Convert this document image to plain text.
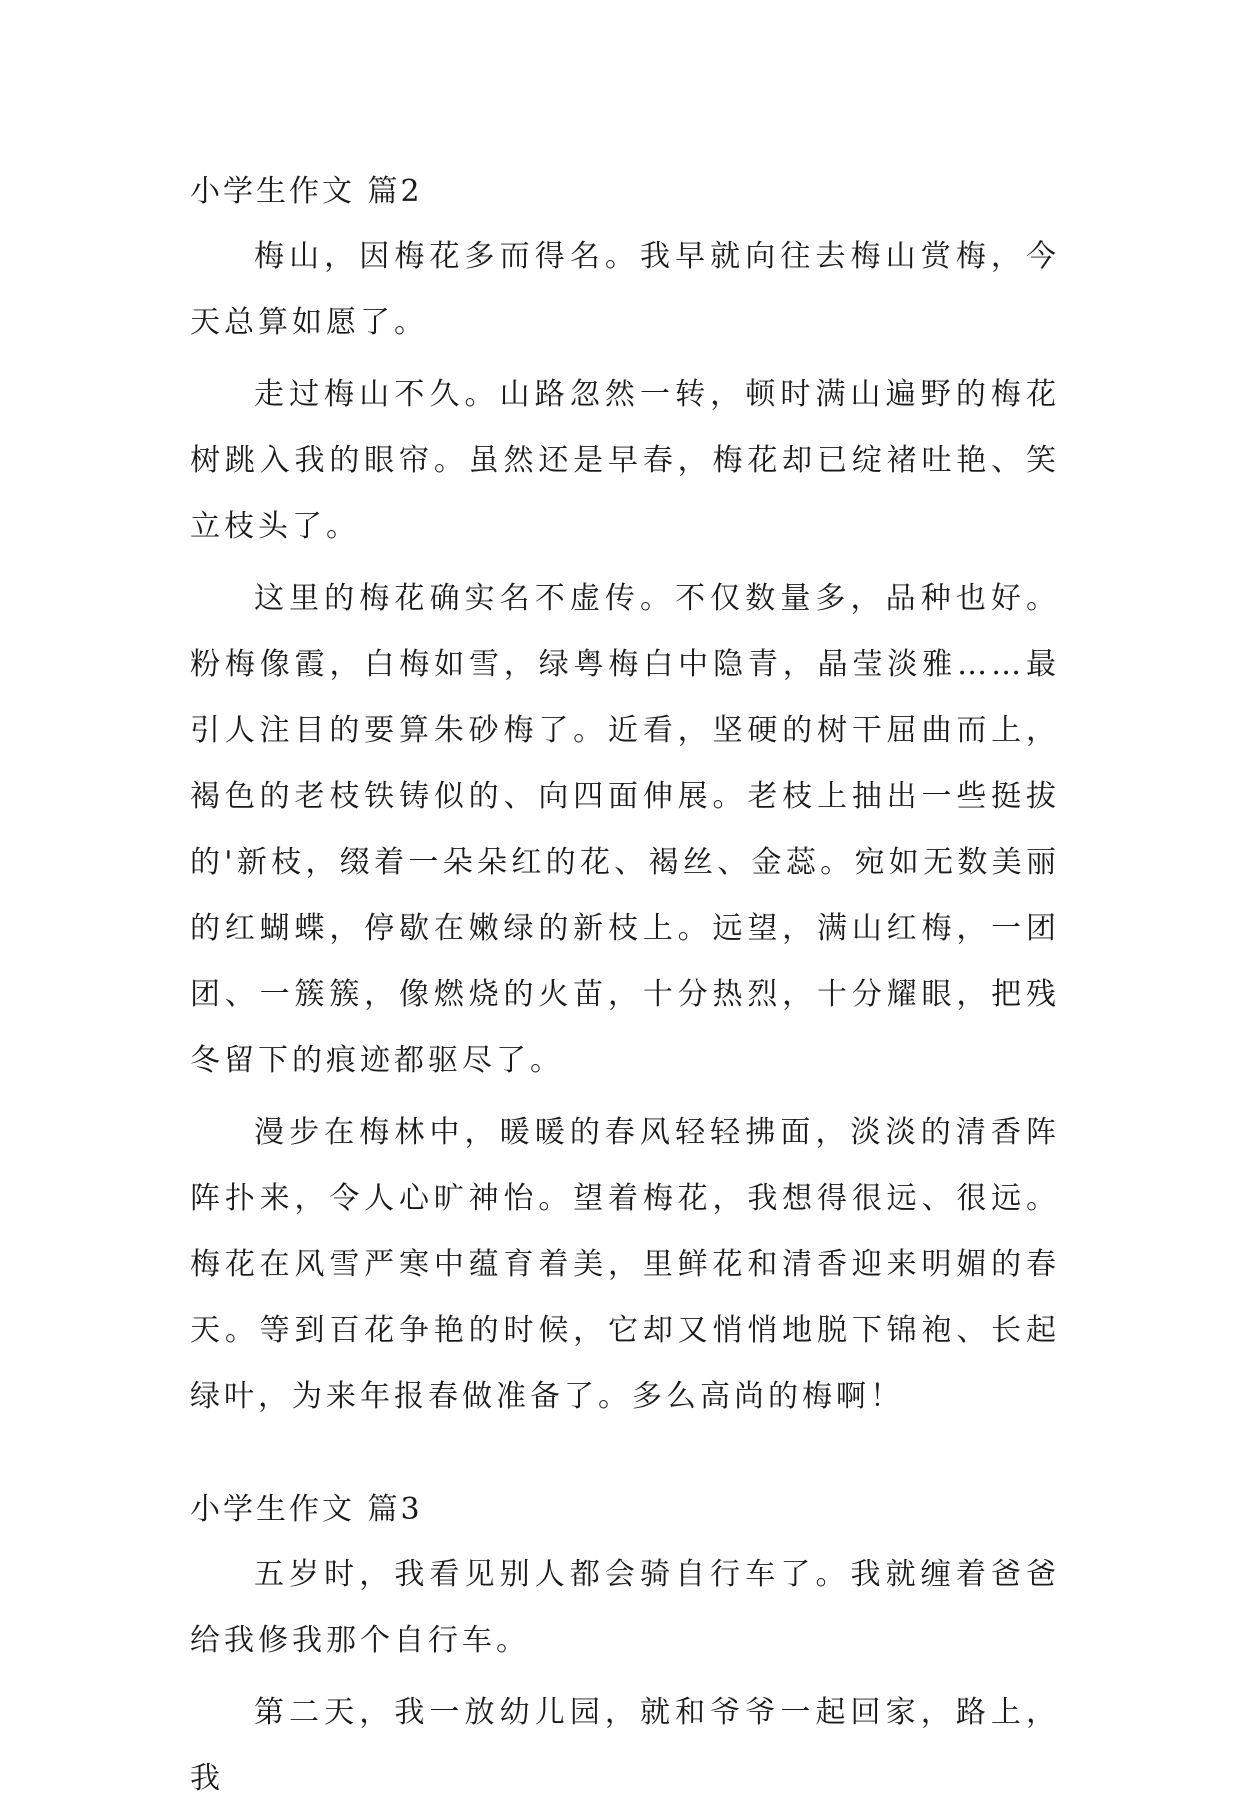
小学生作文 篇2

梅山，因梅花多而得名。我早就向往去梅山赏梅，今天总算如愿了。

走过梅山不久。山路忽然一转，顿时满山遍野的梅花树跳入我的眼帘。虽然还是早春，梅花却已绽褚吐艳、笑立枝头了。

这里的梅花确实名不虚传。不仅数量多，品种也好。粉梅像霞，白梅如雪，绿粤梅白中隐青，晶莹淡雅……最引人注目的要算朱砂梅了。近看，坚硬的树干屈曲而上，褐色的老枝铁铸似的、向四面伸展。老枝上抽出一些挺拔的'新枝，缀着一朵朵红的花、褐丝、金蕊。宛如无数美丽的红蝴蝶，停歇在嫩绿的新枝上。远望，满山红梅，一团团、一簇簇，像燃烧的火苗，十分热烈，十分耀眼，把残冬留下的痕迹都驱尽了。

漫步在梅林中，暖暖的春风轻轻拂面，淡淡的清香阵阵扑来，令人心旷神怡。望着梅花，我想得很远、很远。梅花在风雪严寒中蕴育着美，里鲜花和清香迎来明媚的春天。等到百花争艳的时候，它却又悄悄地脱下锦袍、长起绿叶，为来年报春做准备了。多么高尚的梅啊！

小学生作文 篇3

五岁时，我看见别人都会骑自行车了。我就缠着爸爸给我修我那个自行车。

第二天，我一放幼儿园，就和爷爷一起回家，路上，我
